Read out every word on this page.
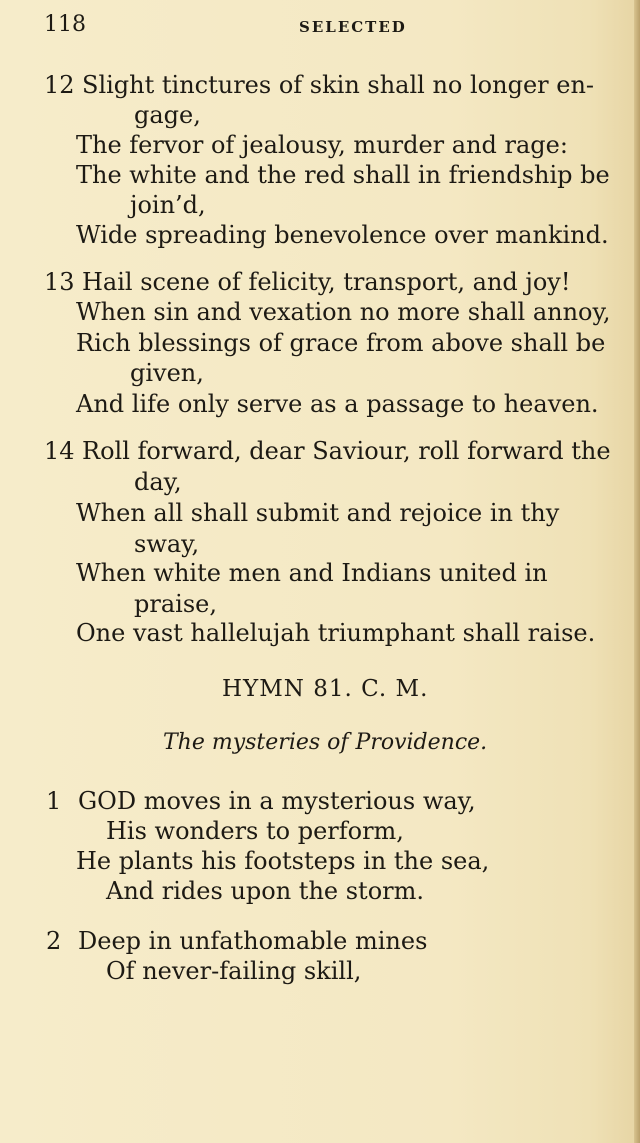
118	SELECTED
12 Slight tinctures of skin shall no longer en-
gage,
The fervor of jealousy, murder and rage:
The white and the red shall in friendship be
join’d,
Wide spreading benevolence over mankind.
13 Hail scene of felicity, transport, and joy!
When sin and vexation no more shall annoy,
Rich blessings of grace from above shall be
given,
And life only serve as a passage to heaven.
14 Roll forward, dear Saviour, roll forward the
day,
When all shall submit and rejoice in thy
sway,
When white men and Indians united in
praise,
One vast hallelujah triumphant shall raise.
HYMN 81. C. M.
The mysteries of Providence.
1 GOD moves in a mysterious way,
His wonders to perform,
He plants his footsteps in the sea,
And rides upon the storm.
2 Deep in unfathomable mines
Of never-failing skill,
